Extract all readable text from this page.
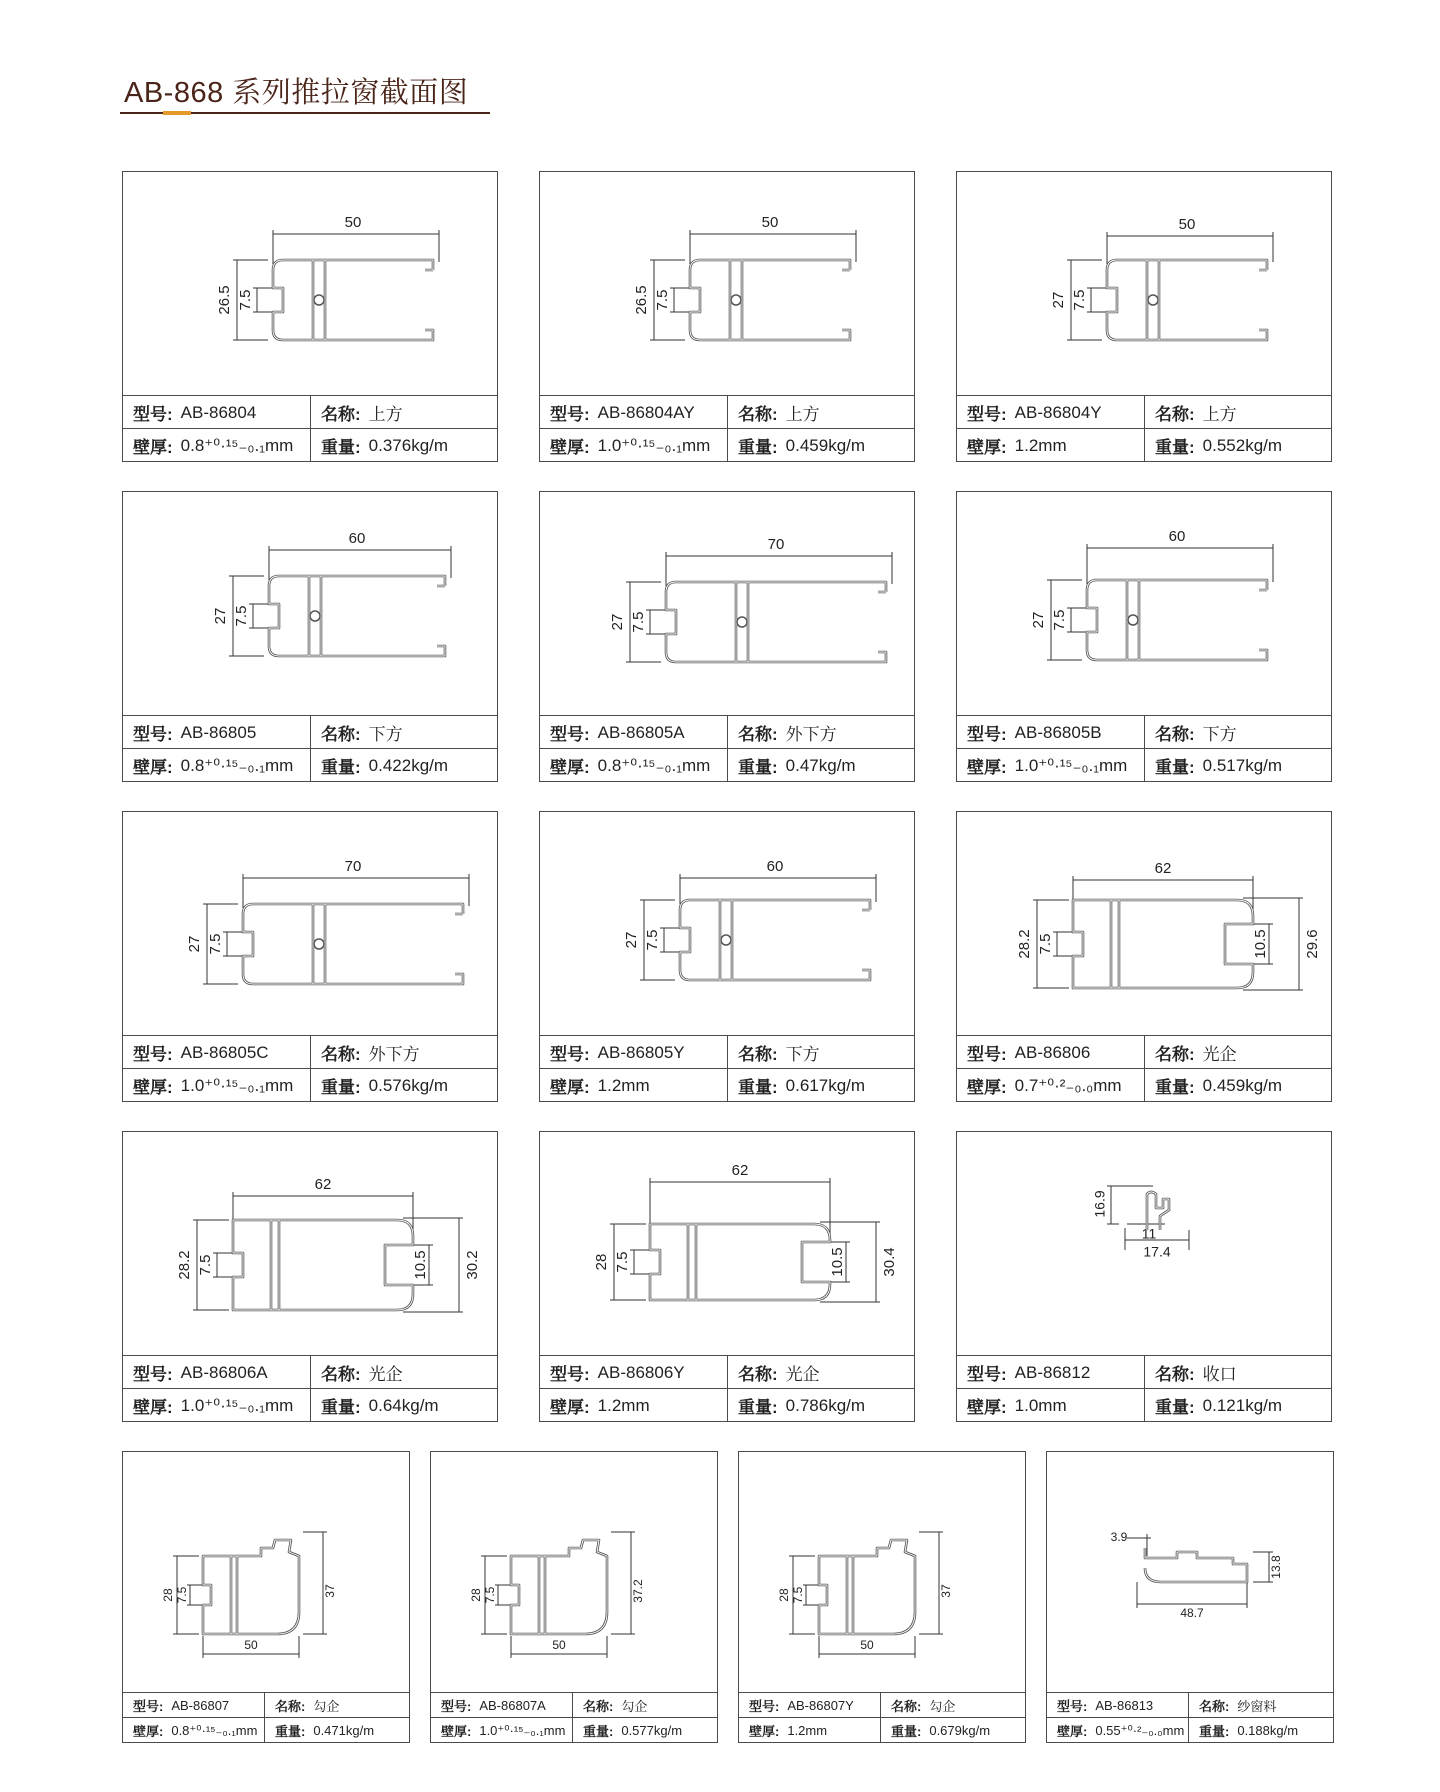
AB-868 系列推拉窗截面图
50
26.5 7.5
型号: AB-86804	名称: 上方
壁厚: 0.8⁺⁰·¹⁵₋₀.₁mm 重量: 0.376kg/m
50
26.5 7.5
型号: AB-86804AY	名称: 上方
壁厚: 1.0⁺⁰·¹⁵₋₀.₁mm 重量: 0.459kg/m
50
27 7.5
型号: AB-86804Y	名称: 上方
壁厚: 1.2mm	重量: 0.552kg/m
60
27 7.5
型号: AB-86805	名称: 下方
壁厚: 0.8⁺⁰·¹⁵₋₀.₁mm 重量: 0.422kg/m
70
27 7.5
型号: AB-86805A	名称: 外下方
壁厚: 0.8⁺⁰·¹⁵₋₀.₁mm 重量: 0.47kg/m
60
27 7.5
型号: AB-86805B	名称: 下方
壁厚: 1.0⁺⁰·¹⁵₋₀.₁mm 重量: 0.517kg/m
70
27 7.5
型号: AB-86805C	名称: 外下方
壁厚: 1.0⁺⁰·¹⁵₋₀.₁mm 重量: 0.576kg/m
60
27 7.5
型号: AB-86805Y	名称: 下方
壁厚: 1.2mm	重量: 0.617kg/m
62
28.2 7.5	10.5 29.6
型号: AB-86806	名称: 光企
壁厚: 0.7⁺⁰·²₋₀.₀mm 重量: 0.459kg/m
62
28.2 7.5	10.5 30.2
型号: AB-86806A	名称: 光企
壁厚: 1.0⁺⁰·¹⁵₋₀.₁mm 重量: 0.64kg/m
62
28 7.5	10.5 30.4
型号: AB-86806Y	名称: 光企
壁厚: 1.2mm	重量: 0.786kg/m
16.9
11
17.4
型号: AB-86812	名称: 收口
壁厚: 1.0mm	重量: 0.121kg/m
28 7.5	37
50
型号: AB-86807	名称: 勾企
壁厚: 0.8⁺⁰·¹⁵₋₀.₁mm 重量: 0.471kg/m
28 7.5	37.2
50
型号: AB-86807A	名称: 勾企
壁厚: 1.0⁺⁰·¹⁵₋₀.₁mm 重量: 0.577kg/m
28 7.5	37
50
型号: AB-86807Y	名称: 勾企
壁厚: 1.2mm	重量: 0.679kg/m
3.9
13.8
48.7
型号: AB-86813	名称: 纱窗料
壁厚: 0.55⁺⁰·²₋₀.₀mm 重量: 0.188kg/m
